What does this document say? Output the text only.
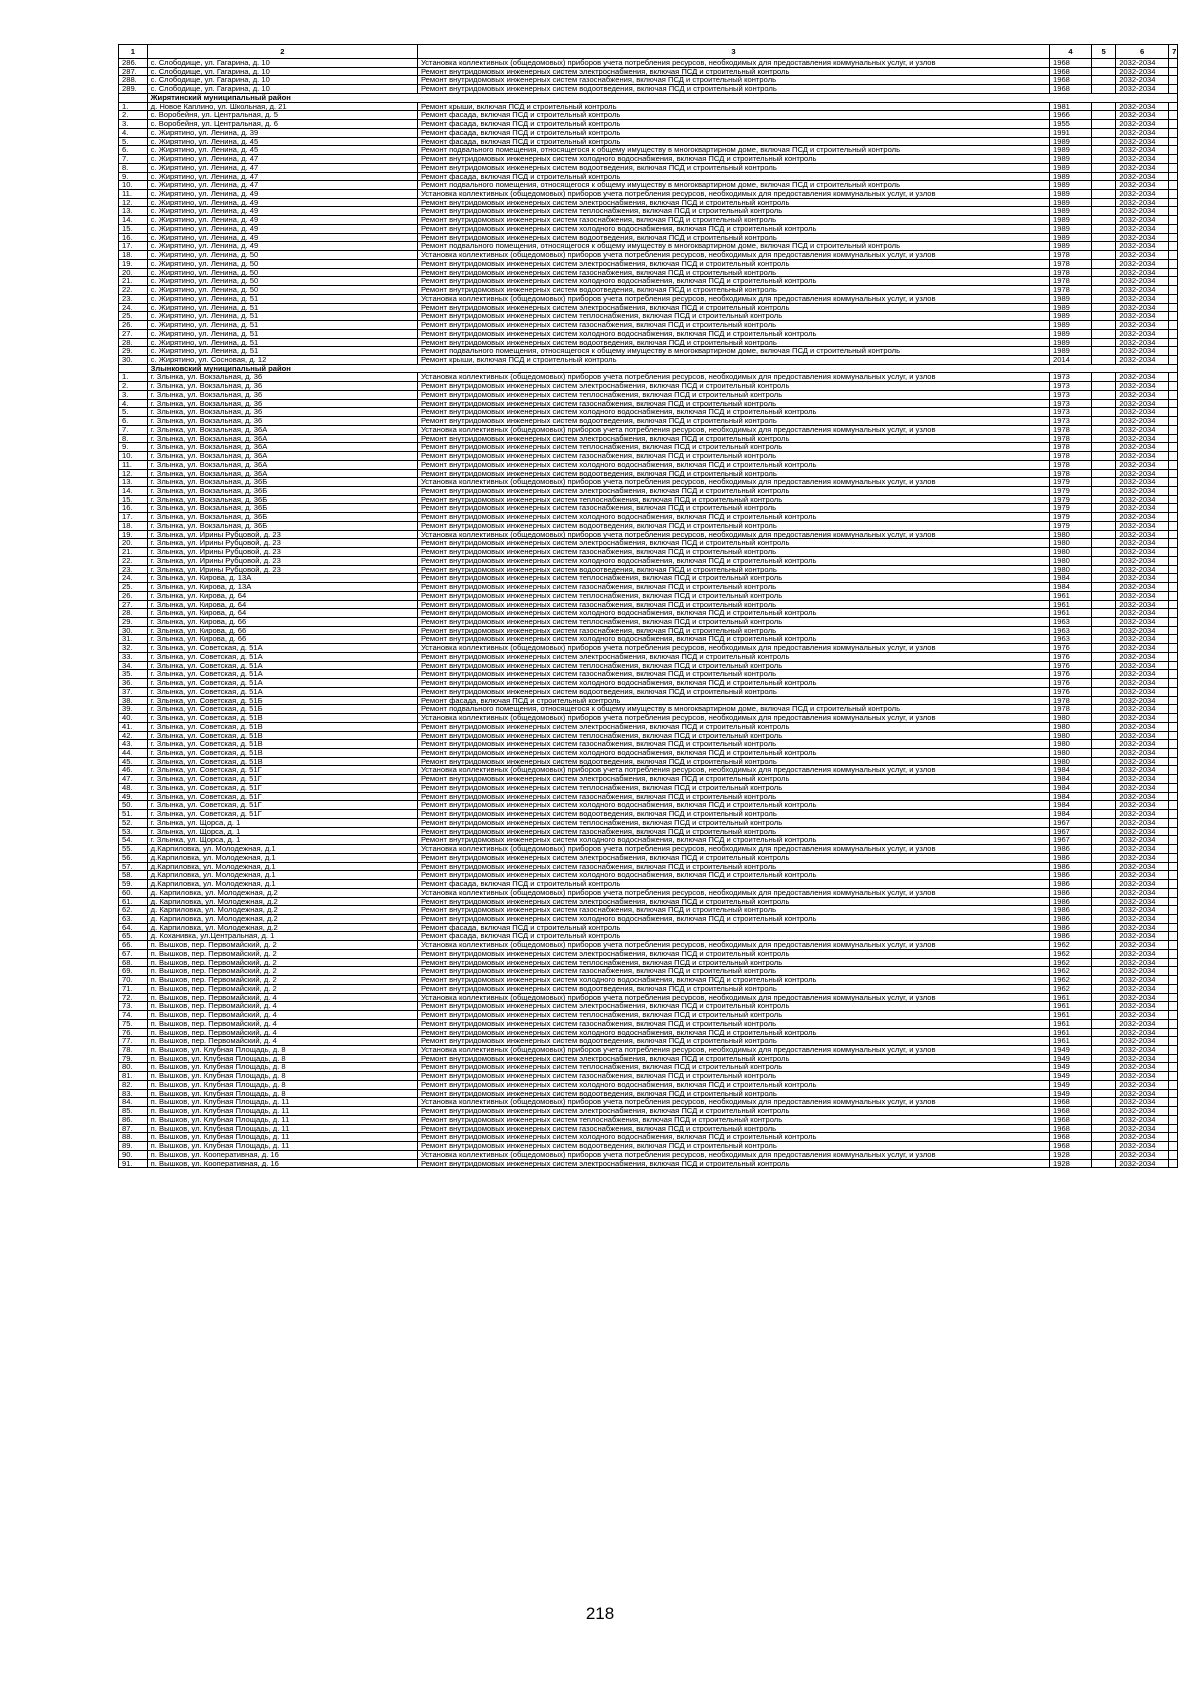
1	2	3	4	5	6	7
286.	с. Слободище, ул. Гагарина, д. 10	Установка коллективных (общедомовых) приборов учета потребления ресурсов, необходимых для предоставления коммунальных услуг, и узлов	1968		2032-2034	
287.	с. Слободище, ул. Гагарина, д. 10	Ремонт внутридомовых инженерных систем электроснабжения, включая ПСД и строительный контроль	1968		2032-2034	
288.	с. Слободище, ул. Гагарина, д. 10	Ремонт внутридомовых инженерных систем газоснабжения, включая ПСД и строительный контроль	1968		2032-2034	
289.	с. Слободище, ул. Гагарина, д. 10	Ремонт внутридомовых инженерных систем водоотведения, включая ПСД и строительный контроль	1968		2032-2034	
	Жирятинский муниципальный район					
1.	д. Новое Каплино, ул. Школьная, д. 21	Ремонт крыши, включая ПСД и строительный контроль	1981		2032-2034	
2.	с. Воробейня, ул. Центральная, д. 5	Ремонт фасада, включая ПСД и строительный контроль	1966		2032-2034	
3.	с. Воробейня, ул. Центральная, д. 6	Ремонт фасада, включая ПСД и строительный контроль	1955		2032-2034	
4.	с. Жирятино, ул. Ленина, д. 39	Ремонт фасада, включая ПСД и строительный контроль	1991		2032-2034	
5.	с. Жирятино, ул. Ленина, д. 45	Ремонт фасада, включая ПСД и строительный контроль	1989		2032-2034	
6.	с. Жирятино, ул. Ленина, д. 45	Ремонт подвального помещения, относящегося к общему имуществу в многоквартирном доме, включая ПСД и строительный контроль	1989		2032-2034	
7.	с. Жирятино, ул. Ленина, д. 47	Ремонт внутридомовых инженерных систем холодного водоснабжения, включая ПСД и строительный контроль	1989		2032-2034	
8.	с. Жирятино, ул. Ленина, д. 47	Ремонт внутридомовых инженерных систем водоотведения, включая ПСД и строительный контроль	1989		2032-2034	
9.	с. Жирятино, ул. Ленина, д. 47	Ремонт фасада, включая ПСД и строительный контроль	1989		2032-2034	
10.	с. Жирятино, ул. Ленина, д. 47	Ремонт подвального помещения, относящегося к общему имуществу в многоквартирном доме, включая ПСД и строительный контроль	1989		2032-2034	
11.	с. Жирятино, ул. Ленина, д. 49	Установка коллективных (общедомовых) приборов учета потребления ресурсов, необходимых для предоставления коммунальных услуг, и узлов	1989		2032-2034	
12.	с. Жирятино, ул. Ленина, д. 49	Ремонт внутридомовых инженерных систем электроснабжения, включая ПСД и строительный контроль	1989		2032-2034	
13.	с. Жирятино, ул. Ленина, д. 49	Ремонт внутридомовых инженерных систем теплоснабжения, включая ПСД и строительный контроль	1989		2032-2034	
14.	с. Жирятино, ул. Ленина, д. 49	Ремонт внутридомовых инженерных систем газоснабжения, включая ПСД и строительный контроль	1989		2032-2034	
15.	с. Жирятино, ул. Ленина, д. 49	Ремонт внутридомовых инженерных систем холодного водоснабжения, включая ПСД и строительный контроль	1989		2032-2034	
16.	с. Жирятино, ул. Ленина, д. 49	Ремонт внутридомовых инженерных систем водоотведения, включая ПСД и строительный контроль	1989		2032-2034	
17.	с. Жирятино, ул. Ленина, д. 49	Ремонт подвального помещения, относящегося к общему имуществу в многоквартирном доме, включая ПСД и строительный контроль	1989		2032-2034	
18.	с. Жирятино, ул. Ленина, д. 50	Установка коллективных (общедомовых) приборов учета потребления ресурсов, необходимых для предоставления коммунальных услуг, и узлов	1978		2032-2034	
19.	с. Жирятино, ул. Ленина, д. 50	Ремонт внутридомовых инженерных систем электроснабжения, включая ПСД и строительный контроль	1978		2032-2034	
20.	с. Жирятино, ул. Ленина, д. 50	Ремонт внутридомовых инженерных систем газоснабжения, включая ПСД и строительный контроль	1978		2032-2034	
21.	с. Жирятино, ул. Ленина, д. 50	Ремонт внутридомовых инженерных систем холодного водоснабжения, включая ПСД и строительный контроль	1978		2032-2034	
22.	с. Жирятино, ул. Ленина, д. 50	Ремонт внутридомовых инженерных систем водоотведения, включая ПСД и строительный контроль	1978		2032-2034	
23.	с. Жирятино, ул. Ленина, д. 51	Установка коллективных (общедомовых) приборов учета потребления ресурсов, необходимых для предоставления коммунальных услуг, и узлов	1989		2032-2034	
24.	с. Жирятино, ул. Ленина, д. 51	Ремонт внутридомовых инженерных систем электроснабжения, включая ПСД и строительный контроль	1989		2032-2034	
25.	с. Жирятино, ул. Ленина, д. 51	Ремонт внутридомовых инженерных систем теплоснабжения, включая ПСД и строительный контроль	1989		2032-2034	
26.	с. Жирятино, ул. Ленина, д. 51	Ремонт внутридомовых инженерных систем газоснабжения, включая ПСД и строительный контроль	1989		2032-2034	
27.	с. Жирятино, ул. Ленина, д. 51	Ремонт внутридомовых инженерных систем холодного водоснабжения, включая ПСД и строительный контроль	1989		2032-2034	
28.	с. Жирятино, ул. Ленина, д. 51	Ремонт внутридомовых инженерных систем водоотведения, включая ПСД и строительный контроль	1989		2032-2034	
29.	с. Жирятино, ул. Ленина, д. 51	Ремонт подвального помещения, относящегося к общему имуществу в многоквартирном доме, включая ПСД и строительный контроль	1989		2032-2034	
30.	с. Жирятино, ул. Сосновая, д. 12	Ремонт крыши, включая ПСД и строительный контроль	2014		2032-2034	
	Злынковский муниципальный район					
1.	г. Злынка, ул. Вокзальная, д. 36	Установка коллективных (общедомовых) приборов учета потребления ресурсов, необходимых для предоставления коммунальных услуг, и узлов	1973		2032-2034	
2.	г. Злынка, ул. Вокзальная, д. 36	Ремонт внутридомовых инженерных систем электроснабжения, включая ПСД и строительный контроль	1973		2032-2034	
3.	г. Злынка, ул. Вокзальная, д. 36	Ремонт внутридомовых инженерных систем теплоснабжения, включая ПСД и строительный контроль	1973		2032-2034	
4.	г. Злынка, ул. Вокзальная, д. 36	Ремонт внутридомовых инженерных систем газоснабжения, включая ПСД и строительный контроль	1973		2032-2034	
5.	г. Злынка, ул. Вокзальная, д. 36	Ремонт внутридомовых инженерных систем холодного водоснабжения, включая ПСД и строительный контроль	1973		2032-2034	
6.	г. Злынка, ул. Вокзальная, д. 36	Ремонт внутридомовых инженерных систем водоотведения, включая ПСД и строительный контроль	1973		2032-2034	
7.	г. Злынка, ул. Вокзальная, д. 36А	Установка коллективных (общедомовых) приборов учета потребления ресурсов, необходимых для предоставления коммунальных услуг, и узлов	1978		2032-2034	
8.	г. Злынка, ул. Вокзальная, д. 36А	Ремонт внутридомовых инженерных систем электроснабжения, включая ПСД и строительный контроль	1978		2032-2034	
9.	г. Злынка, ул. Вокзальная, д. 36А	Ремонт внутридомовых инженерных систем теплоснабжения, включая ПСД и строительный контроль	1978		2032-2034	
10.	г. Злынка, ул. Вокзальная, д. 36А	Ремонт внутридомовых инженерных систем газоснабжения, включая ПСД и строительный контроль	1978		2032-2034	
11.	г. Злынка, ул. Вокзальная, д. 36А	Ремонт внутридомовых инженерных систем холодного водоснабжения, включая ПСД и строительный контроль	1978		2032-2034	
12.	г. Злынка, ул. Вокзальная, д. 36А	Ремонт внутридомовых инженерных систем водоотведения, включая ПСД и строительный контроль	1978		2032-2034	
13.	г. Злынка, ул. Вокзальная, д. 36Б	Установка коллективных (общедомовых) приборов учета потребления ресурсов, необходимых для предоставления коммунальных услуг, и узлов	1979		2032-2034	
14.	г. Злынка, ул. Вокзальная, д. 36Б	Ремонт внутридомовых инженерных систем электроснабжения, включая ПСД и строительный контроль	1979		2032-2034	
15.	г. Злынка, ул. Вокзальная, д. 36Б	Ремонт внутридомовых инженерных систем теплоснабжения, включая ПСД и строительный контроль	1979		2032-2034	
16.	г. Злынка, ул. Вокзальная, д. 36Б	Ремонт внутридомовых инженерных систем газоснабжения, включая ПСД и строительный контроль	1979		2032-2034	
17.	г. Злынка, ул. Вокзальная, д. 36Б	Ремонт внутридомовых инженерных систем холодного водоснабжения, включая ПСД и строительный контроль	1979		2032-2034	
18.	г. Злынка, ул. Вокзальная, д. 36Б	Ремонт внутридомовых инженерных систем водоотведения, включая ПСД и строительный контроль	1979		2032-2034	
19.	г. Злынка, ул. Ирины Рубцовой, д. 23	Установка коллективных (общедомовых) приборов учета потребления ресурсов, необходимых для предоставления коммунальных услуг, и узлов	1980		2032-2034	
20.	г. Злынка, ул. Ирины Рубцовой, д. 23	Ремонт внутридомовых инженерных систем электроснабжения, включая ПСД и строительный контроль	1980		2032-2034	
21.	г. Злынка, ул. Ирины Рубцовой, д. 23	Ремонт внутридомовых инженерных систем газоснабжения, включая ПСД и строительный контроль	1980		2032-2034	
22.	г. Злынка, ул. Ирины Рубцовой, д. 23	Ремонт внутридомовых инженерных систем холодного водоснабжения, включая ПСД и строительный контроль	1980		2032-2034	
23.	г. Злынка, ул. Ирины Рубцовой, д. 23	Ремонт внутридомовых инженерных систем водоотведения, включая ПСД и строительный контроль	1980		2032-2034	
24.	г. Злынка, ул. Кирова, д. 13А	Ремонт внутридомовых инженерных систем теплоснабжения, включая ПСД и строительный контроль	1984		2032-2034	
25.	г. Злынка, ул. Кирова, д. 13А	Ремонт внутридомовых инженерных систем газоснабжения, включая ПСД и строительный контроль	1984		2032-2034	
26.	г. Злынка, ул. Кирова, д. 64	Ремонт внутридомовых инженерных систем теплоснабжения, включая ПСД и строительный контроль	1961		2032-2034	
27.	г. Злынка, ул. Кирова, д. 64	Ремонт внутридомовых инженерных систем газоснабжения, включая ПСД и строительный контроль	1961		2032-2034	
28.	г. Злынка, ул. Кирова, д. 64	Ремонт внутридомовых инженерных систем холодного водоснабжения, включая ПСД и строительный контроль	1961		2032-2034	
29.	г. Злынка, ул. Кирова, д. 66	Ремонт внутридомовых инженерных систем теплоснабжения, включая ПСД и строительный контроль	1963		2032-2034	
30.	г. Злынка, ул. Кирова, д. 66	Ремонт внутридомовых инженерных систем газоснабжения, включая ПСД и строительный контроль	1963		2032-2034	
31.	г. Злынка, ул. Кирова, д. 66	Ремонт внутридомовых инженерных систем холодного водоснабжения, включая ПСД и строительный контроль	1963		2032-2034	
32.	г. Злынка, ул. Советская, д. 51А	Установка коллективных (общедомовых) приборов учета потребления ресурсов, необходимых для предоставления коммунальных услуг, и узлов	1976		2032-2034	
33.	г. Злынка, ул. Советская, д. 51А	Ремонт внутридомовых инженерных систем электроснабжения, включая ПСД и строительный контроль	1976		2032-2034	
34.	г. Злынка, ул. Советская, д. 51А	Ремонт внутридомовых инженерных систем теплоснабжения, включая ПСД и строительный контроль	1976		2032-2034	
35.	г. Злынка, ул. Советская, д. 51А	Ремонт внутридомовых инженерных систем газоснабжения, включая ПСД и строительный контроль	1976		2032-2034	
36.	г. Злынка, ул. Советская, д. 51А	Ремонт внутридомовых инженерных систем холодного водоснабжения, включая ПСД и строительный контроль	1976		2032-2034	
37.	г. Злынка, ул. Советская, д. 51А	Ремонт внутридомовых инженерных систем водоотведения, включая ПСД и строительный контроль	1976		2032-2034	
38.	г. Злынка, ул. Советская, д. 51Б	Ремонт фасада, включая ПСД и строительный контроль	1978		2032-2034	
39.	г. Злынка, ул. Советская, д. 51Б	Ремонт подвального помещения, относящегося к общему имуществу в многоквартирном доме, включая ПСД и строительный контроль	1978		2032-2034	
40.	г. Злынка, ул. Советская, д. 51В	Установка коллективных (общедомовых) приборов учета потребления ресурсов, необходимых для предоставления коммунальных услуг, и узлов	1980		2032-2034	
41.	г. Злынка, ул. Советская, д. 51В	Ремонт внутридомовых инженерных систем электроснабжения, включая ПСД и строительный контроль	1980		2032-2034	
42.	г. Злынка, ул. Советская, д. 51В	Ремонт внутридомовых инженерных систем теплоснабжения, включая ПСД и строительный контроль	1980		2032-2034	
43.	г. Злынка, ул. Советская, д. 51В	Ремонт внутридомовых инженерных систем газоснабжения, включая ПСД и строительный контроль	1980		2032-2034	
44.	г. Злынка, ул. Советская, д. 51В	Ремонт внутридомовых инженерных систем холодного водоснабжения, включая ПСД и строительный контроль	1980		2032-2034	
45.	г. Злынка, ул. Советская, д. 51В	Ремонт внутридомовых инженерных систем водоотведения, включая ПСД и строительный контроль	1980		2032-2034	
46.	г. Злынка, ул. Советская, д. 51Г	Установка коллективных (общедомовых) приборов учета потребления ресурсов, необходимых для предоставления коммунальных услуг, и узлов	1984		2032-2034	
47.	г. Злынка, ул. Советская, д. 51Г	Ремонт внутридомовых инженерных систем электроснабжения, включая ПСД и строительный контроль	1984		2032-2034	
48.	г. Злынка, ул. Советская, д. 51Г	Ремонт внутридомовых инженерных систем теплоснабжения, включая ПСД и строительный контроль	1984		2032-2034	
49.	г. Злынка, ул. Советская, д. 51Г	Ремонт внутридомовых инженерных систем газоснабжения, включая ПСД и строительный контроль	1984		2032-2034	
50.	г. Злынка, ул. Советская, д. 51Г	Ремонт внутридомовых инженерных систем холодного водоснабжения, включая ПСД и строительный контроль	1984		2032-2034	
51.	г. Злынка, ул. Советская, д. 51Г	Ремонт внутридомовых инженерных систем водоотведения, включая ПСД и строительный контроль	1984		2032-2034	
52.	г. Злынка, ул. Щорса, д. 1	Ремонт внутридомовых инженерных систем теплоснабжения, включая ПСД и строительный контроль	1967		2032-2034	
53.	г. Злынка, ул. Щорса, д. 1	Ремонт внутридомовых инженерных систем газоснабжения, включая ПСД и строительный контроль	1967		2032-2034	
54.	г. Злынка, ул. Щорса, д. 1	Ремонт внутридомовых инженерных систем холодного водоснабжения, включая ПСД и строительный контроль	1967		2032-2034	
55.	д.Карпиловка, ул. Молодежная, д.1	Установка коллективных (общедомовых) приборов учета потребления ресурсов, необходимых для предоставления коммунальных услуг, и узлов	1986		2032-2034	
56.	д.Карпиловка, ул. Молодежная, д.1	Ремонт внутридомовых инженерных систем электроснабжения, включая ПСД и строительный контроль	1986		2032-2034	
57.	д.Карпиловка, ул. Молодежная, д.1	Ремонт внутридомовых инженерных систем газоснабжения, включая ПСД и строительный контроль	1986		2032-2034	
58.	д.Карпиловка, ул. Молодежная, д.1	Ремонт внутридомовых инженерных систем холодного водоснабжения, включая ПСД и строительный контроль	1986		2032-2034	
59.	д.Карпиловка, ул. Молодежная, д.1	Ремонт фасада, включая ПСД и строительный контроль	1986		2032-2034	
60.	д. Карпиловка, ул. Молодежная, д.2	Установка коллективных (общедомовых) приборов учета потребления ресурсов, необходимых для предоставления коммунальных услуг, и узлов	1986		2032-2034	
61.	д. Карпиловка, ул. Молодежная, д.2	Ремонт внутридомовых инженерных систем электроснабжения, включая ПСД и строительный контроль	1986		2032-2034	
62.	д. Карпиловка, ул. Молодежная, д.2	Ремонт внутридомовых инженерных систем газоснабжения, включая ПСД и строительный контроль	1986		2032-2034	
63.	д. Карпиловка, ул. Молодежная, д.2	Ремонт внутридомовых инженерных систем холодного водоснабжения, включая ПСД и строительный контроль	1986		2032-2034	
64.	д. Карпиловка, ул. Молодежная, д.2	Ремонт фасада, включая ПСД и строительный контроль	1986		2032-2034	
65.	д. Коханивка, ул.Центральная, д. 1	Ремонт фасада, включая ПСД и строительный контроль	1986		2032-2034	
66.	п. Вышков, пер. Первомайский, д. 2	Установка коллективных (общедомовых) приборов учета потребления ресурсов, необходимых для предоставления коммунальных услуг, и узлов	1962		2032-2034	
67.	п. Вышков, пер. Первомайский, д. 2	Ремонт внутридомовых инженерных систем электроснабжения, включая ПСД и строительный контроль	1962		2032-2034	
68.	п. Вышков, пер. Первомайский, д. 2	Ремонт внутридомовых инженерных систем теплоснабжения, включая ПСД и строительный контроль	1962		2032-2034	
69.	п. Вышков, пер. Первомайский, д. 2	Ремонт внутридомовых инженерных систем газоснабжения, включая ПСД и строительный контроль	1962		2032-2034	
70.	п. Вышков, пер. Первомайский, д. 2	Ремонт внутридомовых инженерных систем холодного водоснабжения, включая ПСД и строительный контроль	1962		2032-2034	
71.	п. Вышков, пер. Первомайский, д. 2	Ремонт внутридомовых инженерных систем водоотведения, включая ПСД и строительный контроль	1962		2032-2034	
72.	п. Вышков, пер. Первомайский, д. 4	Установка коллективных (общедомовых) приборов учета потребления ресурсов, необходимых для предоставления коммунальных услуг, и узлов	1961		2032-2034	
73.	п. Вышков, пер. Первомайский, д. 4	Ремонт внутридомовых инженерных систем электроснабжения, включая ПСД и строительный контроль	1961		2032-2034	
74.	п. Вышков, пер. Первомайский, д. 4	Ремонт внутридомовых инженерных систем теплоснабжения, включая ПСД и строительный контроль	1961		2032-2034	
75.	п. Вышков, пер. Первомайский, д. 4	Ремонт внутридомовых инженерных систем газоснабжения, включая ПСД и строительный контроль	1961		2032-2034	
76.	п. Вышков, пер. Первомайский, д. 4	Ремонт внутридомовых инженерных систем холодного водоснабжения, включая ПСД и строительный контроль	1961		2032-2034	
77.	п. Вышков, пер. Первомайский, д. 4	Ремонт внутридомовых инженерных систем водоотведения, включая ПСД и строительный контроль	1961		2032-2034	
78.	п. Вышков, ул. Клубная Площадь, д. 8	Установка коллективных (общедомовых) приборов учета потребления ресурсов, необходимых для предоставления коммунальных услуг, и узлов	1949		2032-2034	
79.	п. Вышков, ул. Клубная Площадь, д. 8	Ремонт внутридомовых инженерных систем электроснабжения, включая ПСД и строительный контроль	1949		2032-2034	
80.	п. Вышков, ул. Клубная Площадь, д. 8	Ремонт внутридомовых инженерных систем теплоснабжения, включая ПСД и строительный контроль	1949		2032-2034	
81.	п. Вышков, ул. Клубная Площадь, д. 8	Ремонт внутридомовых инженерных систем газоснабжения, включая ПСД и строительный контроль	1949		2032-2034	
82.	п. Вышков, ул. Клубная Площадь, д. 8	Ремонт внутридомовых инженерных систем холодного водоснабжения, включая ПСД и строительный контроль	1949		2032-2034	
83.	п. Вышков, ул. Клубная Площадь, д. 8	Ремонт внутридомовых инженерных систем водоотведения, включая ПСД и строительный контроль	1949		2032-2034	
84.	п. Вышков, ул. Клубная Площадь, д. 11	Установка коллективных (общедомовых) приборов учета потребления ресурсов, необходимых для предоставления коммунальных услуг, и узлов	1968		2032-2034	
85.	п. Вышков, ул. Клубная Площадь, д. 11	Ремонт внутридомовых инженерных систем электроснабжения, включая ПСД и строительный контроль	1968		2032-2034	
86.	п. Вышков, ул. Клубная Площадь, д. 11	Ремонт внутридомовых инженерных систем теплоснабжения, включая ПСД и строительный контроль	1968		2032-2034	
87.	п. Вышков, ул. Клубная Площадь, д. 11	Ремонт внутридомовых инженерных систем газоснабжения, включая ПСД и строительный контроль	1968		2032-2034	
88.	п. Вышков, ул. Клубная Площадь, д. 11	Ремонт внутридомовых инженерных систем холодного водоснабжения, включая ПСД и строительный контроль	1968		2032-2034	
89.	п. Вышков, ул. Клубная Площадь, д. 11	Ремонт внутридомовых инженерных систем водоотведения, включая ПСД и строительный контроль	1968		2032-2034	
90.	п. Вышков, ул. Кооперативная, д. 16	Установка коллективных (общедомовых) приборов учета потребления ресурсов, необходимых для предоставления коммунальных услуг, и узлов	1928		2032-2034	
91.	п. Вышков, ул. Кооперативная, д. 16	Ремонт внутридомовых инженерных систем электроснабжения, включая ПСД и строительный контроль	1928		2032-2034	
218
